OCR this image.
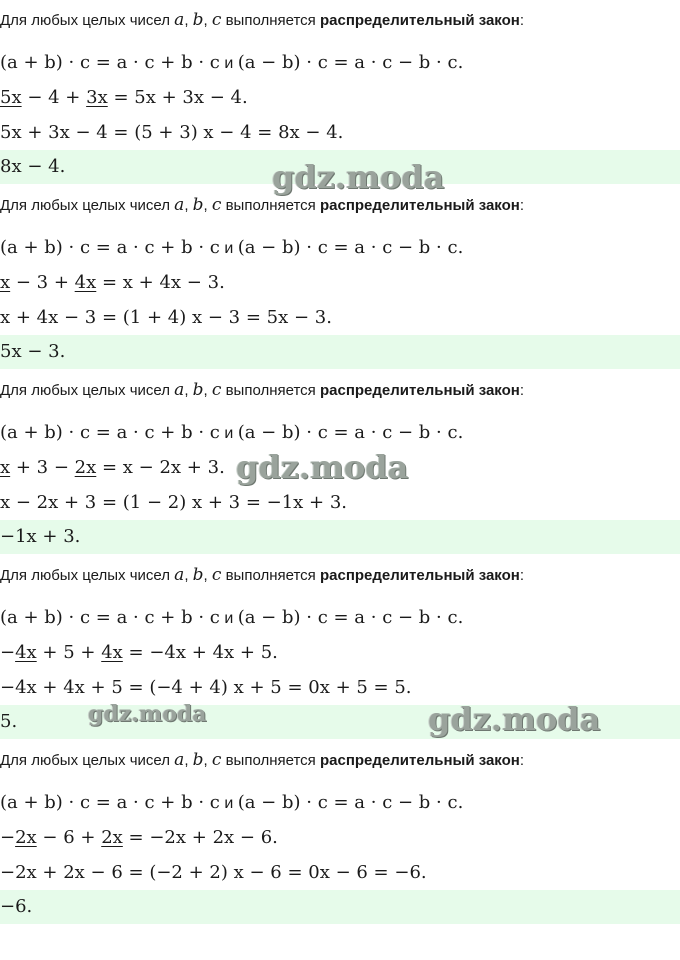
Для любых целых чисел a, b, c выполняется распределительный закон:
(a + b) · c = a · c + b · c и (a − b) · c = a · c − b · c.
5x − 4 + 3x = 5x + 3x − 4.
5x + 3x − 4 = (5 + 3) x − 4 = 8x − 4.
8x − 4.
Для любых целых чисел a, b, c выполняется распределительный закон:
(a + b) · c = a · c + b · c и (a − b) · c = a · c − b · c.
x − 3 + 4x = x + 4x − 3.
x + 4x − 3 = (1 + 4) x − 3 = 5x − 3.
5x − 3.
Для любых целых чисел a, b, c выполняется распределительный закон:
(a + b) · c = a · c + b · c и (a − b) · c = a · c − b · c.
x + 3 − 2x = x − 2x + 3.
x − 2x + 3 = (1 − 2) x + 3 = −1x + 3.
−1x + 3.
Для любых целых чисел a, b, c выполняется распределительный закон:
(a + b) · c = a · c + b · c и (a − b) · c = a · c − b · c.
−4x + 5 + 4x = −4x + 4x + 5.
−4x + 4x + 5 = (−4 + 4) x + 5 = 0x + 5 = 5.
5.
Для любых целых чисел a, b, c выполняется распределительный закон:
(a + b) · c = a · c + b · c и (a − b) · c = a · c − b · c.
−2x − 6 + 2x = −2x + 2x − 6.
−2x + 2x − 6 = (−2 + 2) x − 6 = 0x − 6 = −6.
−6.
gdz.moda
gdz.moda
gdz.moda	gdz.moda
